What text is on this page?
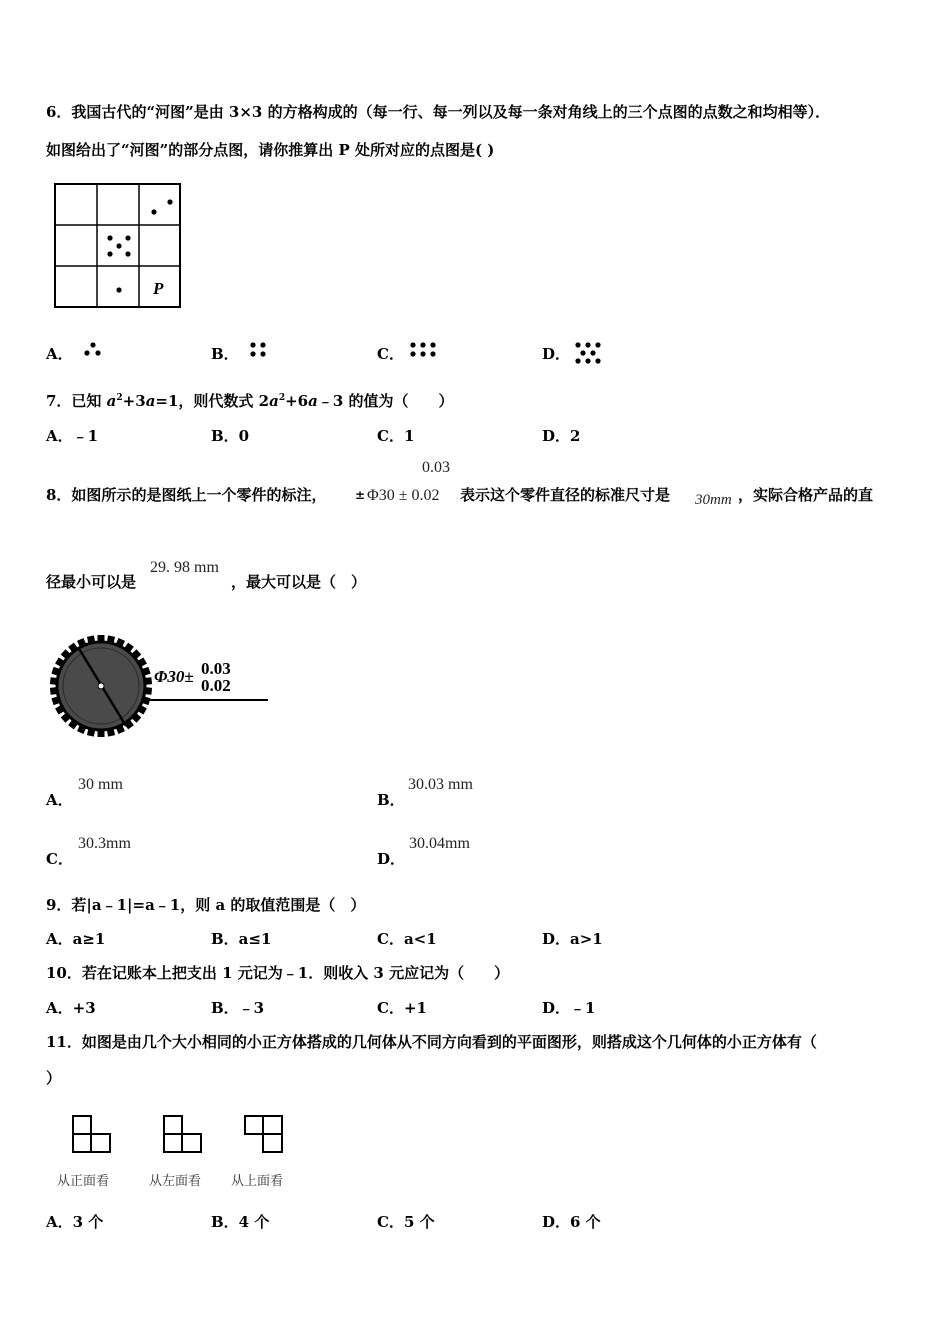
6．我国古代的“河图”是由 3×3 的方格构成的（每一行、每一列以及每一条对角线上的三个点图的点数之和均相等）．
如图给出了“河图”的部分点图，请你推算出 P 处所对应的点图是( )
P
A．	B．	C．	D．
7．已知 $a^2+3a=1$，则代数式 $2a^2+6a﹣3$ 的值为（　　）
A．﹣1	B．0	C．1	D．2
0.03
8．如图所示的是图纸上一个零件的标注， ± Φ30 ± 0.02 表示这个零件直径的标准尺寸是 30mm ，实际合格产品的直
径最小可以是
29. 98 mm
，最大可以是（　）
Φ30± 0.03
0.02
A．
30 mm
B．
30.03 mm
C．
30.3mm
D．
30.04mm
9．若|a﹣1|=a﹣1，则 a 的取值范围是（　）
A．a≥1	B．a≤1	C．a<1	D．a>1
10．若在记账本上把支出 1 元记为﹣1．则收入 3 元应记为（　　）
A．+3	B．﹣3	C．+1	D．﹣1
11．如图是由几个大小相同的小正方体搭成的几何体从不同方向看到的平面图形，则搭成这个几何体的小正方体有（
）
从正面看	从左面看 从上面看
A．3 个	B．4 个	C．5 个	D．6 个
